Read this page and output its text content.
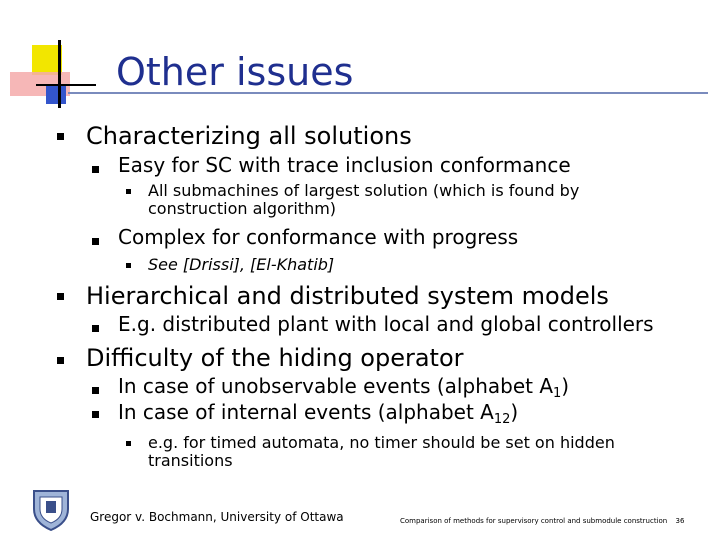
Other issues
Characterizing all solutions
Easy for SC with trace inclusion conformance
All submachines of largest solution (which is found by construction algorithm)
Complex for conformance with progress
See [Drissi], [El-Khatib]
Hierarchical and distributed system models
E.g. distributed plant with local and global controllers
Difficulty of the hiding operator
In case of unobservable events (alphabet $A_1$)
In case of internal events (alphabet $A_{12}$)
e.g. for timed automata, no timer should be set on hidden transitions
Gregor v. Bochmann, University of Ottawa	Comparison of methods for supervisory control and submodule construction 36
